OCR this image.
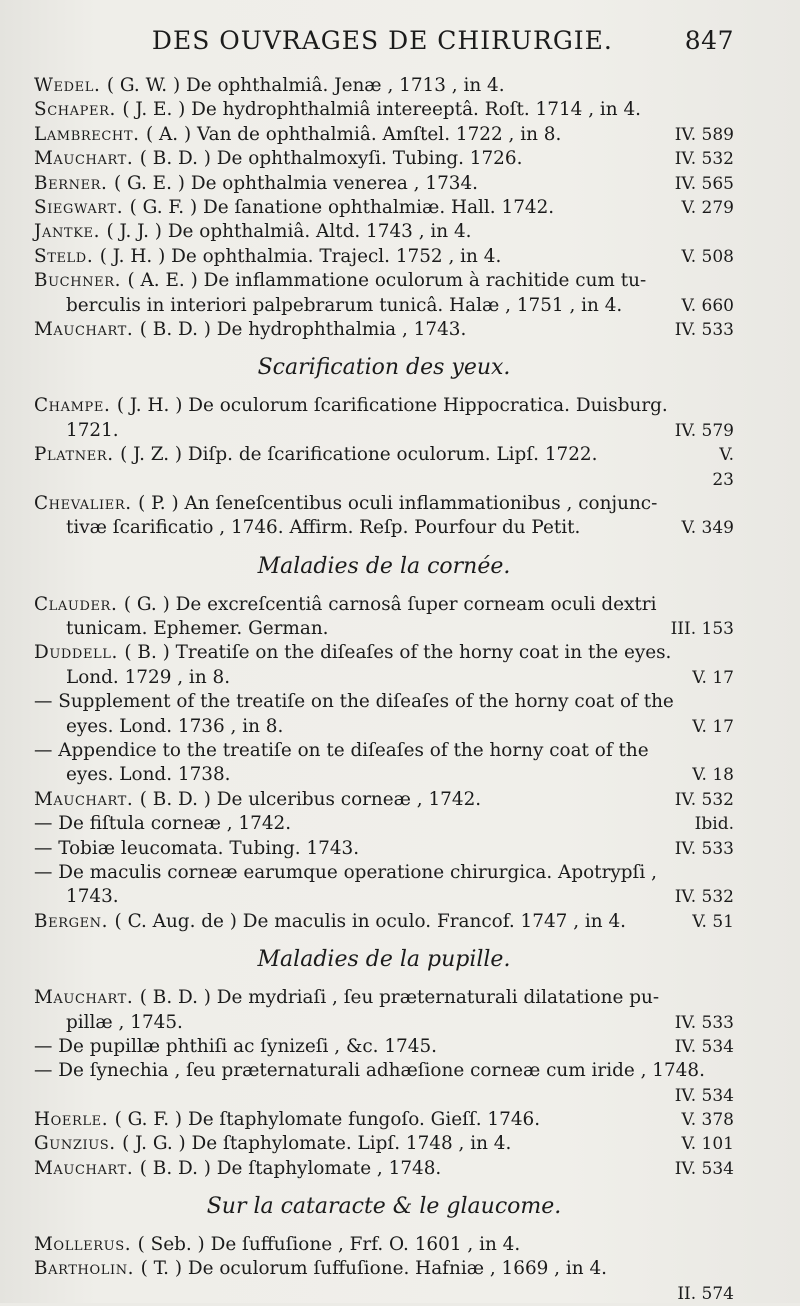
DES OUVRAGES DE CHIRURGIE.	847
Wedel. ( G. W. ) De ophthalmiâ. Jenæ , 1713 , in 4.
Schaper. ( J. E. ) De hydrophthalmiâ intereeptâ. Roſt. 1714 , in 4.
Lambrecht. ( A. ) Van de ophthalmiâ. Amſtel. 1722 , in 8.	IV. 589
Mauchart. ( B. D. ) De ophthalmoxyſi. Tubing. 1726.	IV. 532
Berner. ( G. E. ) De ophthalmia venerea , 1734.	IV. 565
Siegwart. ( G. F. ) De ſanatione ophthalmiæ. Hall. 1742.	V. 279
Jantke. ( J. J. ) De ophthalmiâ. Altd. 1743 , in 4.
Steld. ( J. H. ) De ophthalmia. Trajecl. 1752 , in 4.	V. 508
Buchner. ( A. E. ) De inflammatione oculorum à rachitide cum tu-
berculis in interiori palpebrarum tunicâ. Halæ , 1751 , in 4.	V. 660
Mauchart. ( B. D. ) De hydrophthalmia , 1743.	IV. 533
Scarification des yeux.
Champe. ( J. H. ) De oculorum ſcarificatione Hippocratica. Duisburg.
1721.	IV. 579
Platner. ( J. Z. ) Diſp. de ſcarificatione oculorum. Lipſ. 1722.	V.
23
Chevalier. ( P. ) An ſeneſcentibus oculi inflammationibus , conjunc-
tivæ ſcarificatio , 1746. Affirm. Reſp. Pourfour du Petit.	V. 349
Maladies de la cornée.
Clauder. ( G. ) De excreſcentiâ carnosâ ſuper corneam oculi dextri
tunicam. Ephemer. German.	III. 153
Duddell. ( B. ) Treatiſe on the diſeaſes of the horny coat in the eyes.
Lond. 1729 , in 8.	V. 17
— Supplement of the treatiſe on the diſeaſes of the horny coat of the
eyes. Lond. 1736 , in 8.	V. 17
— Appendice to the treatiſe on te diſeaſes of the horny coat of the
eyes. Lond. 1738.	V. 18
Mauchart. ( B. D. ) De ulceribus corneæ , 1742.	IV. 532
— De fiſtula corneæ , 1742.	Ibid.
— Tobiæ leucomata. Tubing. 1743.	IV. 533
— De maculis corneæ earumque operatione chirurgica. Apotrypſi ,
1743.	IV. 532
Bergen. ( C. Aug. de ) De maculis in oculo. Francof. 1747 , in 4.	V. 51
Maladies de la pupille.
Mauchart. ( B. D. ) De mydriaſi , ſeu præternaturali dilatatione pu-
pillæ , 1745.	IV. 533
— De pupillæ phthiſi ac ſynizeſi , &c. 1745.	IV. 534
— De ſynechia , ſeu præternaturali adhæſione corneæ cum iride , 1748.
IV. 534
Hoerle. ( G. F. ) De ſtaphylomate fungoſo. Gieſſ. 1746.	V. 378
Gunzius. ( J. G. ) De ſtaphylomate. Lipſ. 1748 , in 4.	V. 101
Mauchart. ( B. D. ) De ſtaphylomate , 1748.	IV. 534
Sur la cataracte & le glaucome.
Mollerus. ( Seb. ) De ſuffuſione , Frf. O. 1601 , in 4.
Bartholin. ( T. ) De oculorum ſuffuſione. Hafniæ , 1669 , in 4.
II. 574
